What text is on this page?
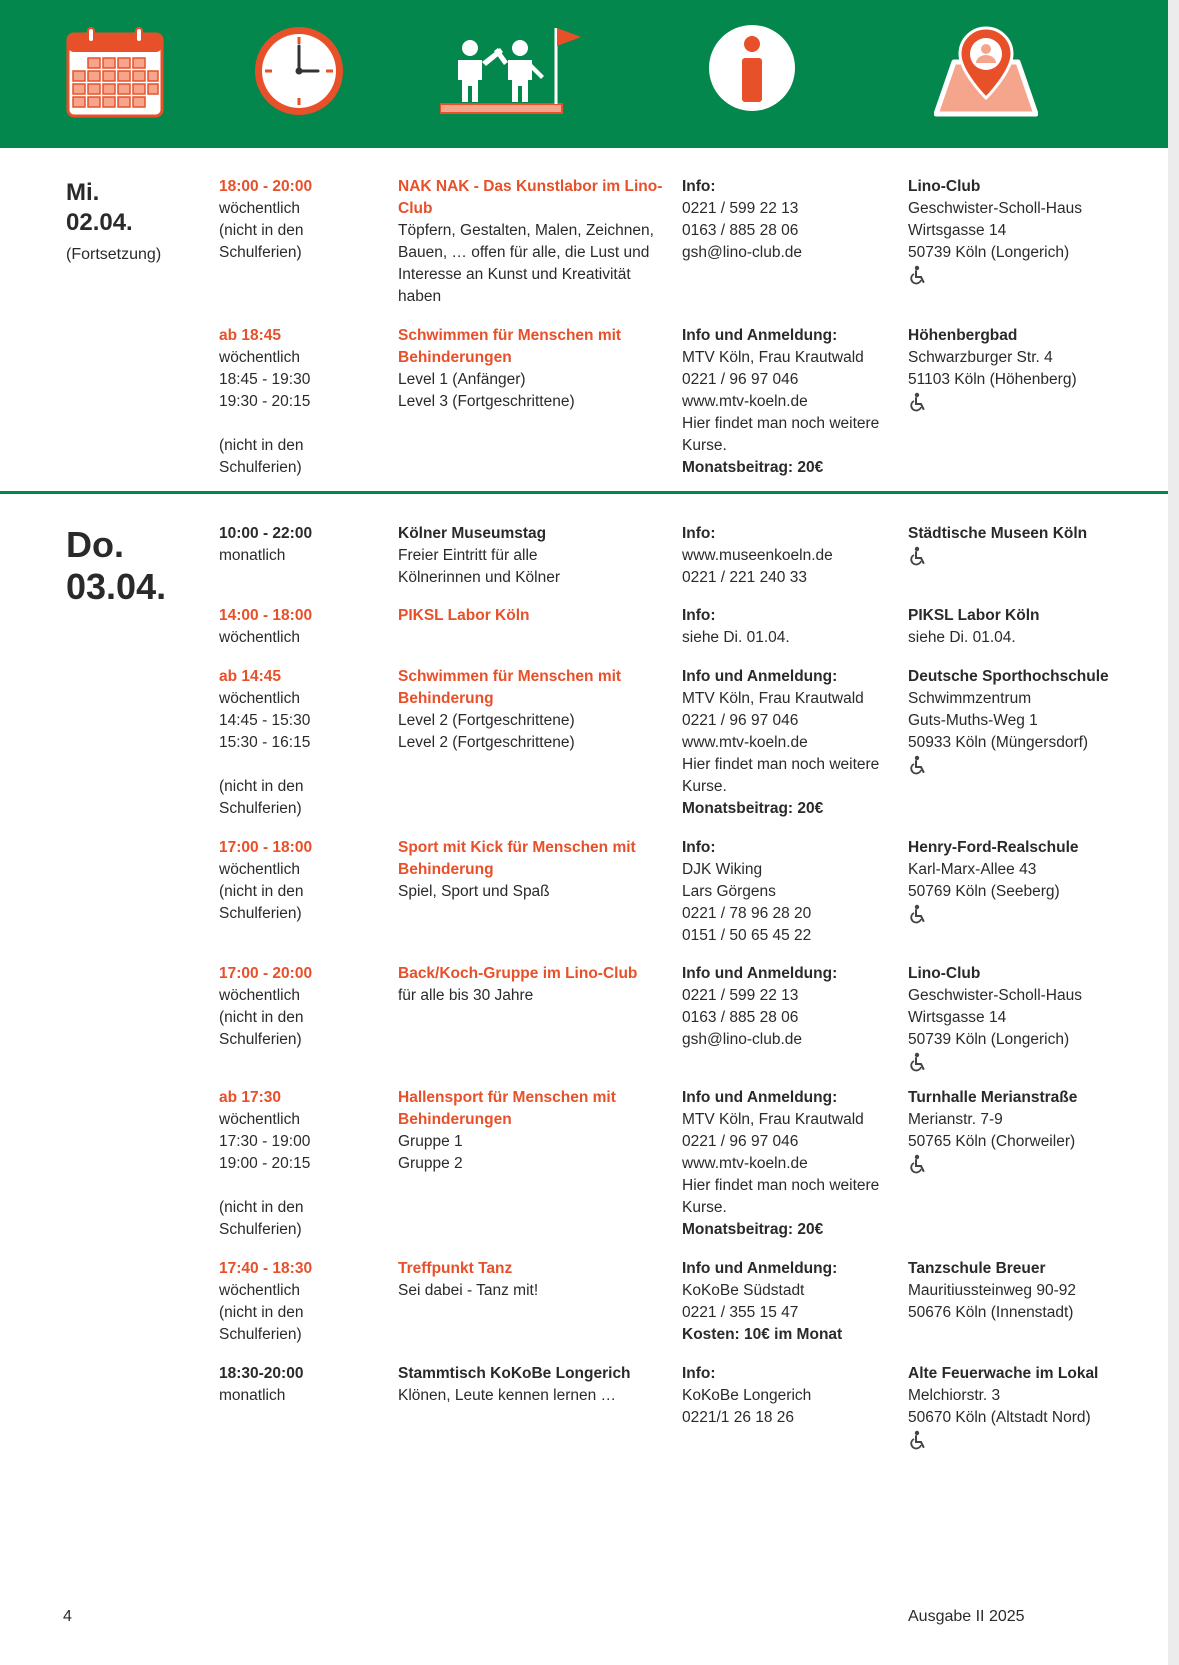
Mi.
02.04.
(Fortsetzung)
Do.
03.04.
18:00 - 20:00
wöchentlich
(nicht in den
Schulferien)
NAK NAK - Das Kunstlabor im Lino-
Club
Töpfern, Gestalten, Malen, Zeichnen,
Bauen, … offen für alle, die Lust und
Interesse an Kunst und Kreativität
haben
Info:
0221 / 599 22 13
0163 / 885 28 06
gsh@lino-club.de
Lino-Club
Geschwister-Scholl-Haus
Wirtsgasse 14
50739 Köln (Longerich)
ab 18:45
wöchentlich
18:45 - 19:30
19:30 - 20:15
(nicht in den
Schulferien)
Schwimmen für Menschen mit
Behinderungen
Level 1 (Anfänger)
Level 3 (Fortgeschrittene)
Info und Anmeldung:
MTV Köln, Frau Krautwald
0221 / 96 97 046
www.mtv-koeln.de
Hier findet man noch weitere
Kurse.
Monatsbeitrag: 20€
Höhenbergbad
Schwarzburger Str. 4
51103 Köln (Höhenberg)
10:00 - 22:00
monatlich
Kölner Museumstag
Freier Eintritt für alle
Kölnerinnen und Kölner
Info:
www.museenkoeln.de
0221 / 221 240 33
Städtische Museen Köln
14:00 - 18:00
wöchentlich
PIKSL Labor Köln	Info:
siehe Di. 01.04.
PIKSL Labor Köln
siehe Di. 01.04.
ab 14:45
wöchentlich
14:45 - 15:30
15:30 - 16:15
(nicht in den
Schulferien)
Schwimmen für Menschen mit
Behinderung
Level 2 (Fortgeschrittene)
Level 2 (Fortgeschrittene)
Info und Anmeldung:
MTV Köln, Frau Krautwald
0221 / 96 97 046
www.mtv-koeln.de
Hier findet man noch weitere
Kurse.
Monatsbeitrag: 20€
Deutsche Sporthochschule
Schwimmzentrum
Guts-Muths-Weg 1
50933 Köln (Müngersdorf)
17:00 - 18:00
wöchentlich
(nicht in den
Schulferien)
Sport mit Kick für Menschen mit
Behinderung
Spiel, Sport und Spaß
Info:
DJK Wiking
Lars Görgens
0221 / 78 96 28 20
0151 / 50 65 45 22
Henry-Ford-Realschule
Karl-Marx-Allee 43
50769 Köln (Seeberg)
17:00 - 20:00
wöchentlich
(nicht in den
Schulferien)
Back/Koch-Gruppe im Lino-Club
für alle bis 30 Jahre
Info und Anmeldung:
0221 / 599 22 13
0163 / 885 28 06
gsh@lino-club.de
Lino-Club
Geschwister-Scholl-Haus
Wirtsgasse 14
50739 Köln (Longerich)
ab 17:30
wöchentlich
17:30 - 19:00
19:00 - 20:15
(nicht in den
Schulferien)
Hallensport für Menschen mit
Behinderungen
Gruppe 1
Gruppe 2
Info und Anmeldung:
MTV Köln, Frau Krautwald
0221 / 96 97 046
www.mtv-koeln.de
Hier findet man noch weitere
Kurse.
Monatsbeitrag: 20€
Turnhalle Merianstraße
Merianstr. 7-9
50765 Köln (Chorweiler)
17:40 - 18:30
wöchentlich
(nicht in den
Schulferien)
Treffpunkt Tanz
Sei dabei - Tanz mit!
Info und Anmeldung:
KoKoBe Südstadt
0221 / 355 15 47
Kosten: 10€ im Monat
Tanzschule Breuer
Mauritiussteinweg 90-92
50676 Köln (Innenstadt)
18:30-20:00
monatlich
Stammtisch KoKoBe Longerich
Klönen, Leute kennen lernen …
Info:
KoKoBe Longerich
0221/1 26 18 26
Alte Feuerwache im Lokal
Melchiorstr. 3
50670 Köln (Altstadt Nord)
4	Ausgabe II 2025
